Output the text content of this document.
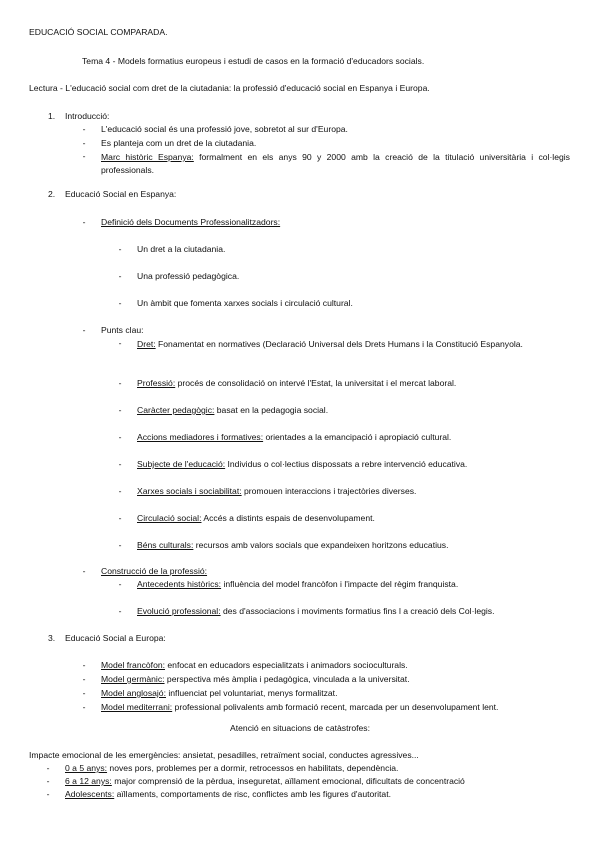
EDUCACIÓ SOCIAL COMPARADA.
Tema 4 - Models formatius europeus i estudi de casos en la formació d'educadors socials.
Lectura - L'educació social com dret de la ciutadania: la professió d'educació social en Espanya i Europa.
1. Introducció:
- L'educació social és una professió jove, sobretot al sur d'Europa.
- Es planteja com un dret de la ciutadania.
- Marc històric Espanya: formalment en els anys 90 y 2000 amb la creació de la titulació universitària i col·legis professionals.
2. Educació Social en Espanya:
- Definició dels Documents Professionalitzadors:
- Un dret a la ciutadania.
- Una professió pedagògica.
- Un àmbit que fomenta xarxes socials i circulació cultural.
- Punts clau:
- Dret: Fonamentat en normatives (Declaració Universal dels Drets Humans i la Constitució Espanyola.
- Professió: procés de consolidació on intervé l'Estat, la universitat i el mercat laboral.
- Caràcter pedagògic: basat en la pedagogia social.
- Accions mediadores i formatives: orientades a la emancipació i apropiació cultural.
- Subjecte de l'educació: Individus o col·lectius dispossats a rebre intervenció educativa.
- Xarxes socials i sociabilitat: promouen interaccions i trajectòries diverses.
- Circulació social: Accés a distints espais de desenvolupament.
- Béns culturals: recursos amb valors socials que expandeixen horitzons educatius.
- Construcció de la professió:
- Antecedents històrics: influència del model francòfon i l'impacte del règim franquista.
- Evolució professional: des d'associacions i moviments formatius fins l a creació dels Col·legis.
3. Educació Social a Europa:
- Model francòfon: enfocat en educadors especialitzats i animadors socioculturals.
- Model germànic: perspectiva més àmplia i pedagògica, vinculada a la universitat.
- Model anglosajó: influenciat pel voluntariat, menys formalitzat.
- Model mediterrani: professional polivalents amb formació recent, marcada per un desenvolupament lent.
Atenció en situacions de catàstrofes:
Impacte emocional de les emergències: ansietat, pesadilles, retraïment social, conductes agressives...
- 0 a 5 anys: noves pors, problemes per a dormir, retrocessos en habilitats, dependència.
- 6 a 12 anys: major comprensió de la pèrdua, inseguretat, aïllament emocional, dificultats de concentració
- Adolescents: aïllaments, comportaments de risc, conflictes amb les figures d'autoritat.
